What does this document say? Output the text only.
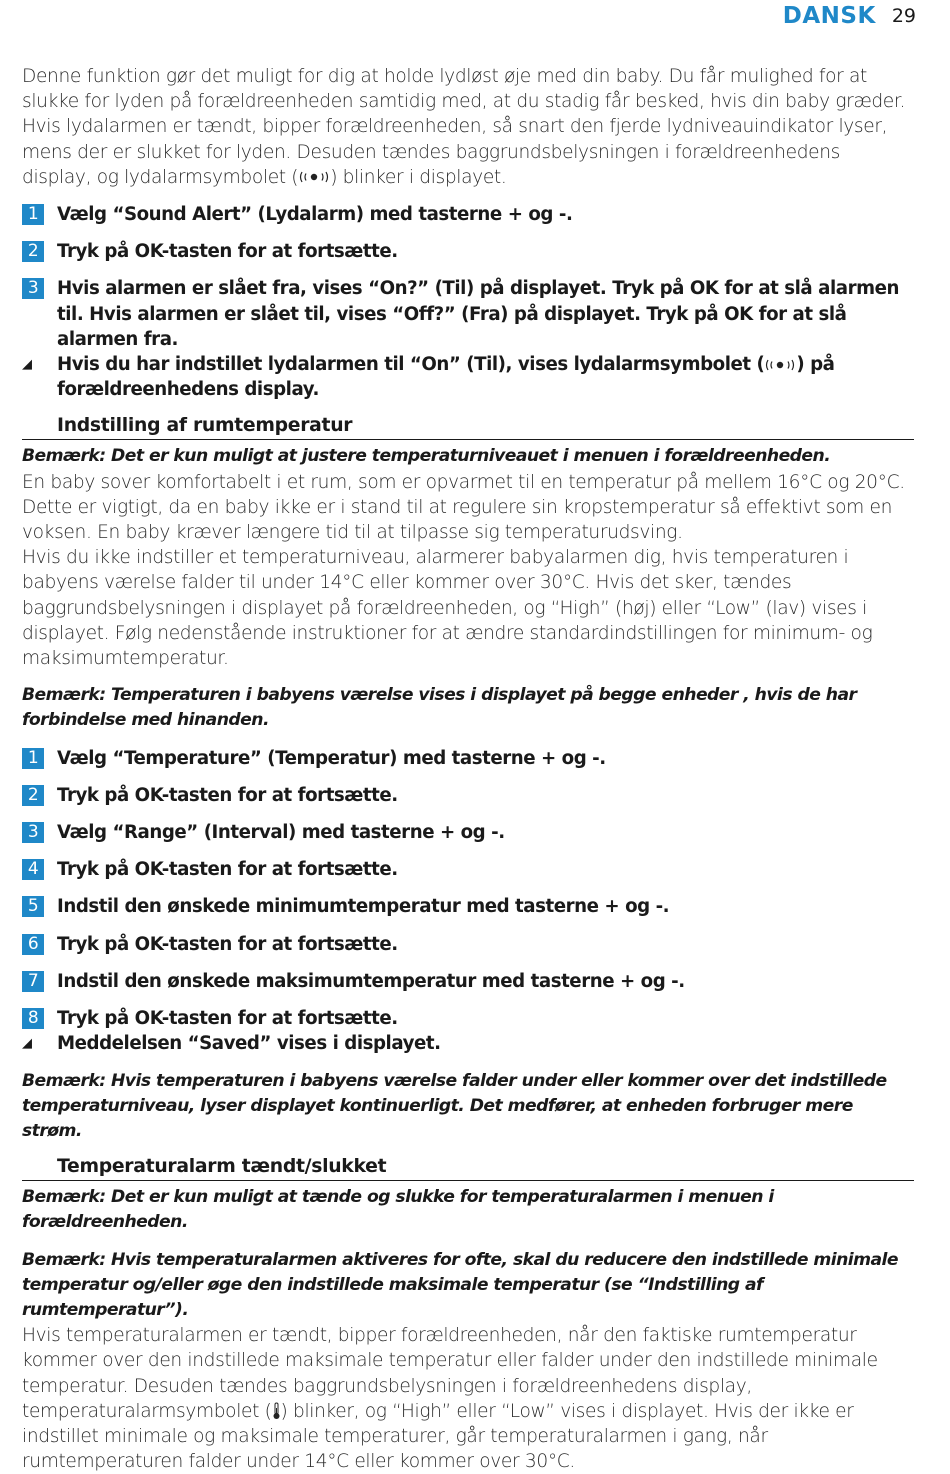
DANSK 29

Denne funktion gør det muligt for dig at holde lydløst øje med din baby. Du får mulighed for at slukke for lyden på forældreenheden samtidig med, at du stadig får besked, hvis din baby græder. Hvis lydalarmen er tændt, bipper forældreenheden, så snart den fjerde lydniveauindikator lyser, mens der er slukket for lyden. Desuden tændes baggrundsbelysningen i forældreenhedens display, og lydalarmsymbolet ( ) blinker i displayet.

1	Vælg “Sound Alert” (Lydalarm) med tasterne + og -.
2	Tryk på OK-tasten for at fortsætte.
3	Hvis alarmen er slået fra, vises “On?” (Til) på displayet. Tryk på OK for at slå alarmen til. Hvis alarmen er slået til, vises “Off?” (Fra) på displayet. Tryk på OK for at slå alarmen fra.
◢	Hvis du har indstillet lydalarmen til “On” (Til), vises lydalarmsymbolet ( ) på forældreenhedens display.
Indstilling af rumtemperatur

Bemærk: Det er kun muligt at justere temperaturniveauet i menuen i forældreenheden.

En baby sover komfortabelt i et rum, som er opvarmet til en temperatur på mellem 16°C og 20°C. Dette er vigtigt, da en baby ikke er i stand til at regulere sin kropstemperatur så effektivt som en voksen. En baby kræver længere tid til at tilpasse sig temperaturudsving.

Hvis du ikke indstiller et temperaturniveau, alarmerer babyalarmen dig, hvis temperaturen i babyens værelse falder til under 14°C eller kommer over 30°C. Hvis det sker, tændes baggrundsbelysningen i displayet på forældreenheden, og “High” (høj) eller “Low” (lav) vises i displayet. Følg nedenstående instruktioner for at ændre standardindstillingen for minimum- og maksimumtemperatur.

Bemærk: Temperaturen i babyens værelse vises i displayet på begge enheder , hvis de har forbindelse med hinanden.

1	Vælg “Temperature” (Temperatur) med tasterne + og -.
2	Tryk på OK-tasten for at fortsætte.
3	Vælg “Range” (Interval) med tasterne + og -.
4	Tryk på OK-tasten for at fortsætte.
5	Indstil den ønskede minimumtemperatur med tasterne + og -.
6	Tryk på OK-tasten for at fortsætte.
7	Indstil den ønskede maksimumtemperatur med tasterne + og -.
8	Tryk på OK-tasten for at fortsætte.
◢	Meddelelsen “Saved” vises i displayet.

Bemærk: Hvis temperaturen i babyens værelse falder under eller kommer over det indstillede temperaturniveau, lyser displayet kontinuerligt. Det medfører, at enheden forbruger mere strøm.

Temperaturalarm tændt/slukket

Bemærk: Det er kun muligt at tænde og slukke for temperaturalarmen i menuen i forældreenheden.

Bemærk: Hvis temperaturalarmen aktiveres for ofte, skal du reducere den indstillede minimale temperatur og/eller øge den indstillede maksimale temperatur (se “Indstilling af rumtemperatur”).

Hvis temperaturalarmen er tændt, bipper forældreenheden, når den faktiske rumtemperatur kommer over den indstillede maksimale temperatur eller falder under den indstillede minimale temperatur. Desuden tændes baggrundsbelysningen i forældreenhedens display, temperaturalarmsymbolet ( ) blinker, og “High” eller “Low” vises i displayet. Hvis der ikke er indstillet minimale og maksimale temperaturer, går temperaturalarmen i gang, når rumtemperaturen falder under 14°C eller kommer over 30°C.
